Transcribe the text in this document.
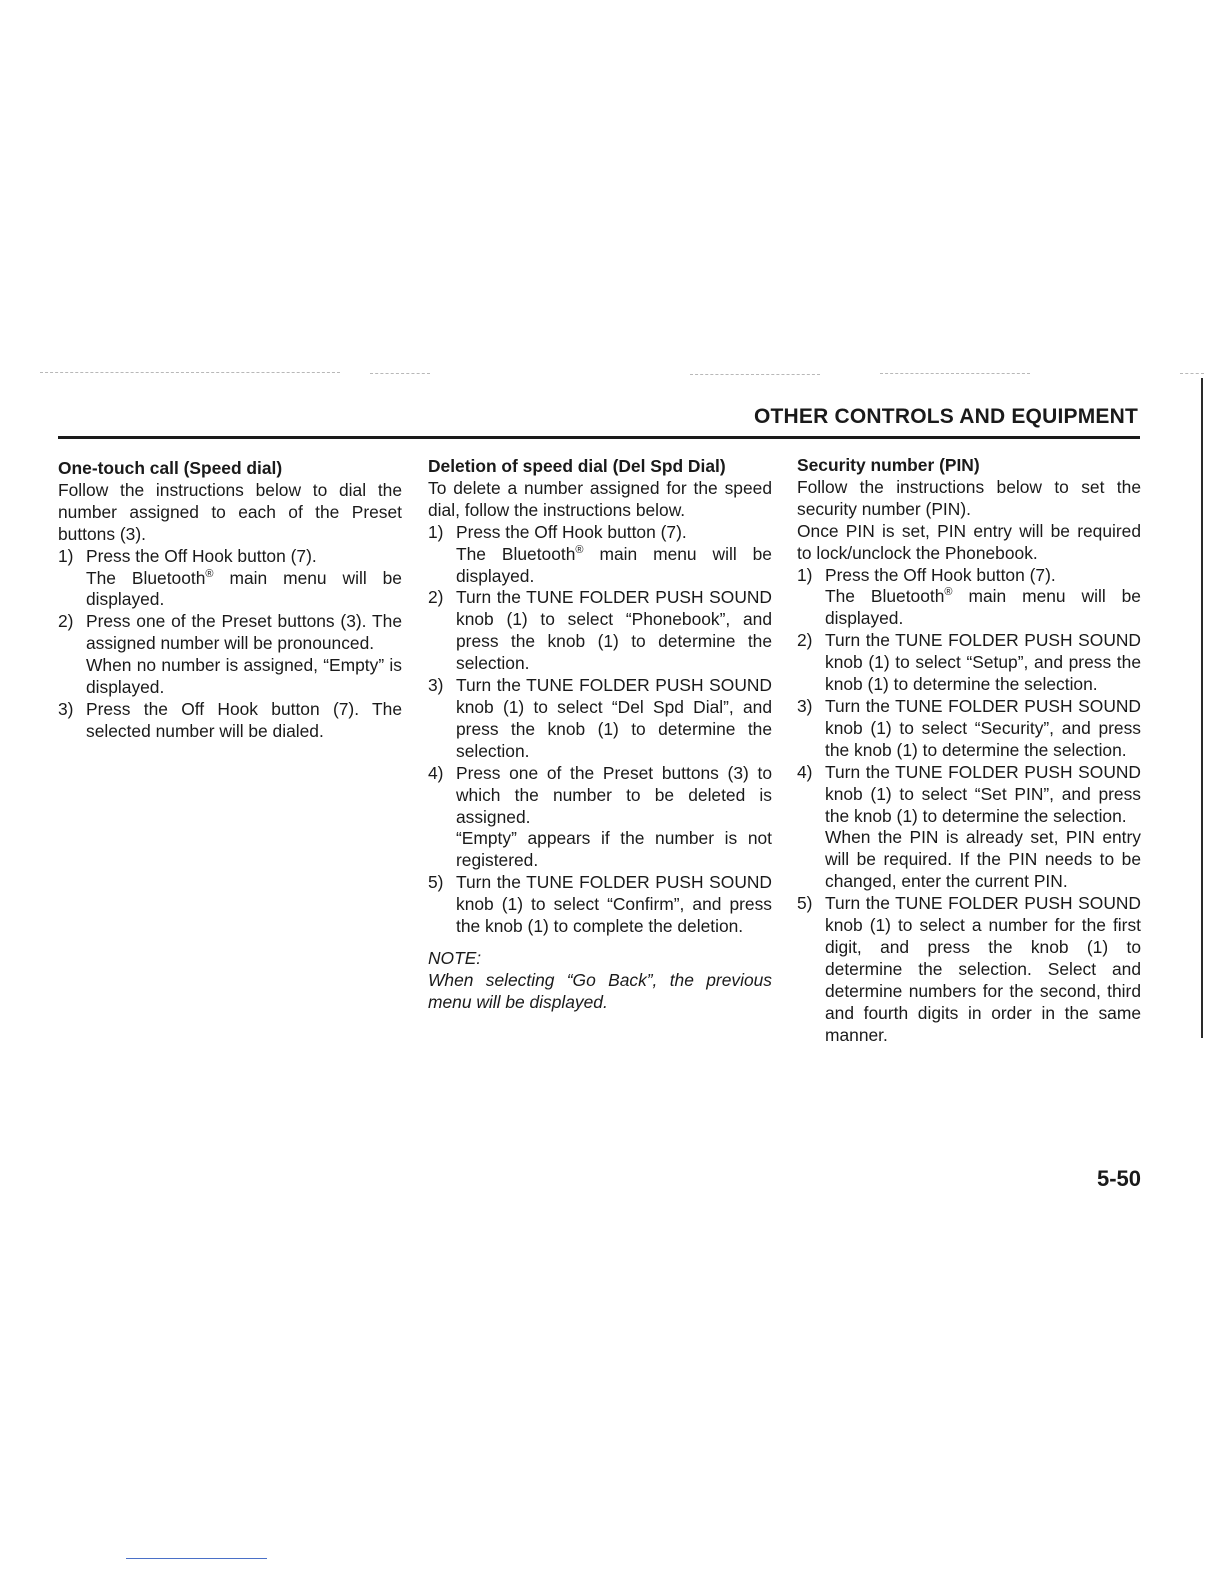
OTHER CONTROLS AND EQUIPMENT
One-touch call (Speed dial)

Follow the instructions below to dial the number assigned to each of the Preset buttons (3).

1) Press the Off Hook button (7).
The Bluetooth® main menu will be displayed.
2) Press one of the Preset buttons (3). The assigned number will be pronounced.
When no number is assigned, “Empty” is displayed.
3) Press the Off Hook button (7). The selected number will be dialed.
Deletion of speed dial (Del Spd Dial)

To delete a number assigned for the speed dial, follow the instructions below.

1) Press the Off Hook button (7).
The Bluetooth® main menu will be displayed.
2) Turn the TUNE FOLDER PUSH SOUND knob (1) to select “Phonebook”, and press the knob (1) to determine the selection.
3) Turn the TUNE FOLDER PUSH SOUND knob (1) to select “Del Spd Dial”, and press the knob (1) to determine the selection.
4) Press one of the Preset buttons (3) to which the number to be deleted is assigned.
“Empty” appears if the number is not registered.
5) Turn the TUNE FOLDER PUSH SOUND knob (1) to select “Confirm”, and press the knob (1) to complete the deletion.
NOTE:
When selecting “Go Back”, the previous menu will be displayed.
Security number (PIN)

Follow the instructions below to set the security number (PIN).

Once PIN is set, PIN entry will be required to lock/unclock the Phonebook.

1) Press the Off Hook button (7).
The Bluetooth® main menu will be displayed.
2) Turn the TUNE FOLDER PUSH SOUND knob (1) to select “Setup”, and press the knob (1) to determine the selection.
3) Turn the TUNE FOLDER PUSH SOUND knob (1) to select “Security”, and press the knob (1) to determine the selection.
4) Turn the TUNE FOLDER PUSH SOUND knob (1) to select “Set PIN”, and press the knob (1) to determine the selection.
When the PIN is already set, PIN entry will be required. If the PIN needs to be changed, enter the current PIN.
5) Turn the TUNE FOLDER PUSH SOUND knob (1) to select a number for the first digit, and press the knob (1) to determine the selection. Select and determine numbers for the second, third and fourth digits in order in the same manner.
5-50
